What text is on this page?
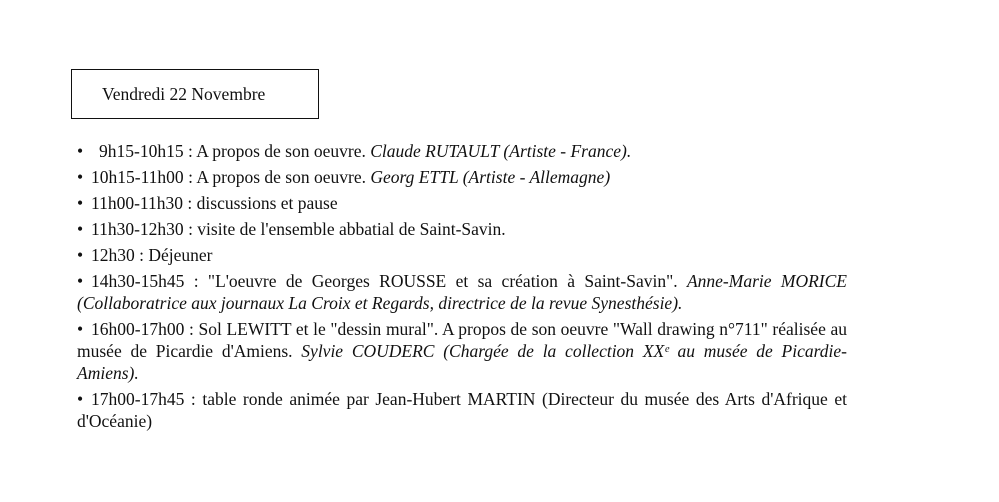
Vendredi 22 Novembre
• 9h15-10h15 : A propos de son oeuvre. Claude RUTAULT (Artiste - France).
• 10h15-11h00 : A propos de son oeuvre. Georg ETTL (Artiste - Allemagne)
• 11h00-11h30 : discussions et pause
• 11h30-12h30 : visite de l'ensemble abbatial de Saint-Savin.
• 12h30 : Déjeuner
• 14h30-15h45 : "L'oeuvre de Georges ROUSSE et sa création à Saint-Savin". Anne-Marie MORICE (Collaboratrice aux journaux La Croix et Regards, directrice de la revue Synesthésie).
• 16h00-17h00 : Sol LEWITT et le "dessin mural". A propos de son oeuvre "Wall drawing n°711" réalisée au musée de Picardie d'Amiens. Sylvie COUDERC (Chargée de la collection XXᵉ au musée de Picardie-Amiens).
• 17h00-17h45 : table ronde animée par Jean-Hubert MARTIN (Directeur du musée des Arts d'Afrique et d'Océanie)
